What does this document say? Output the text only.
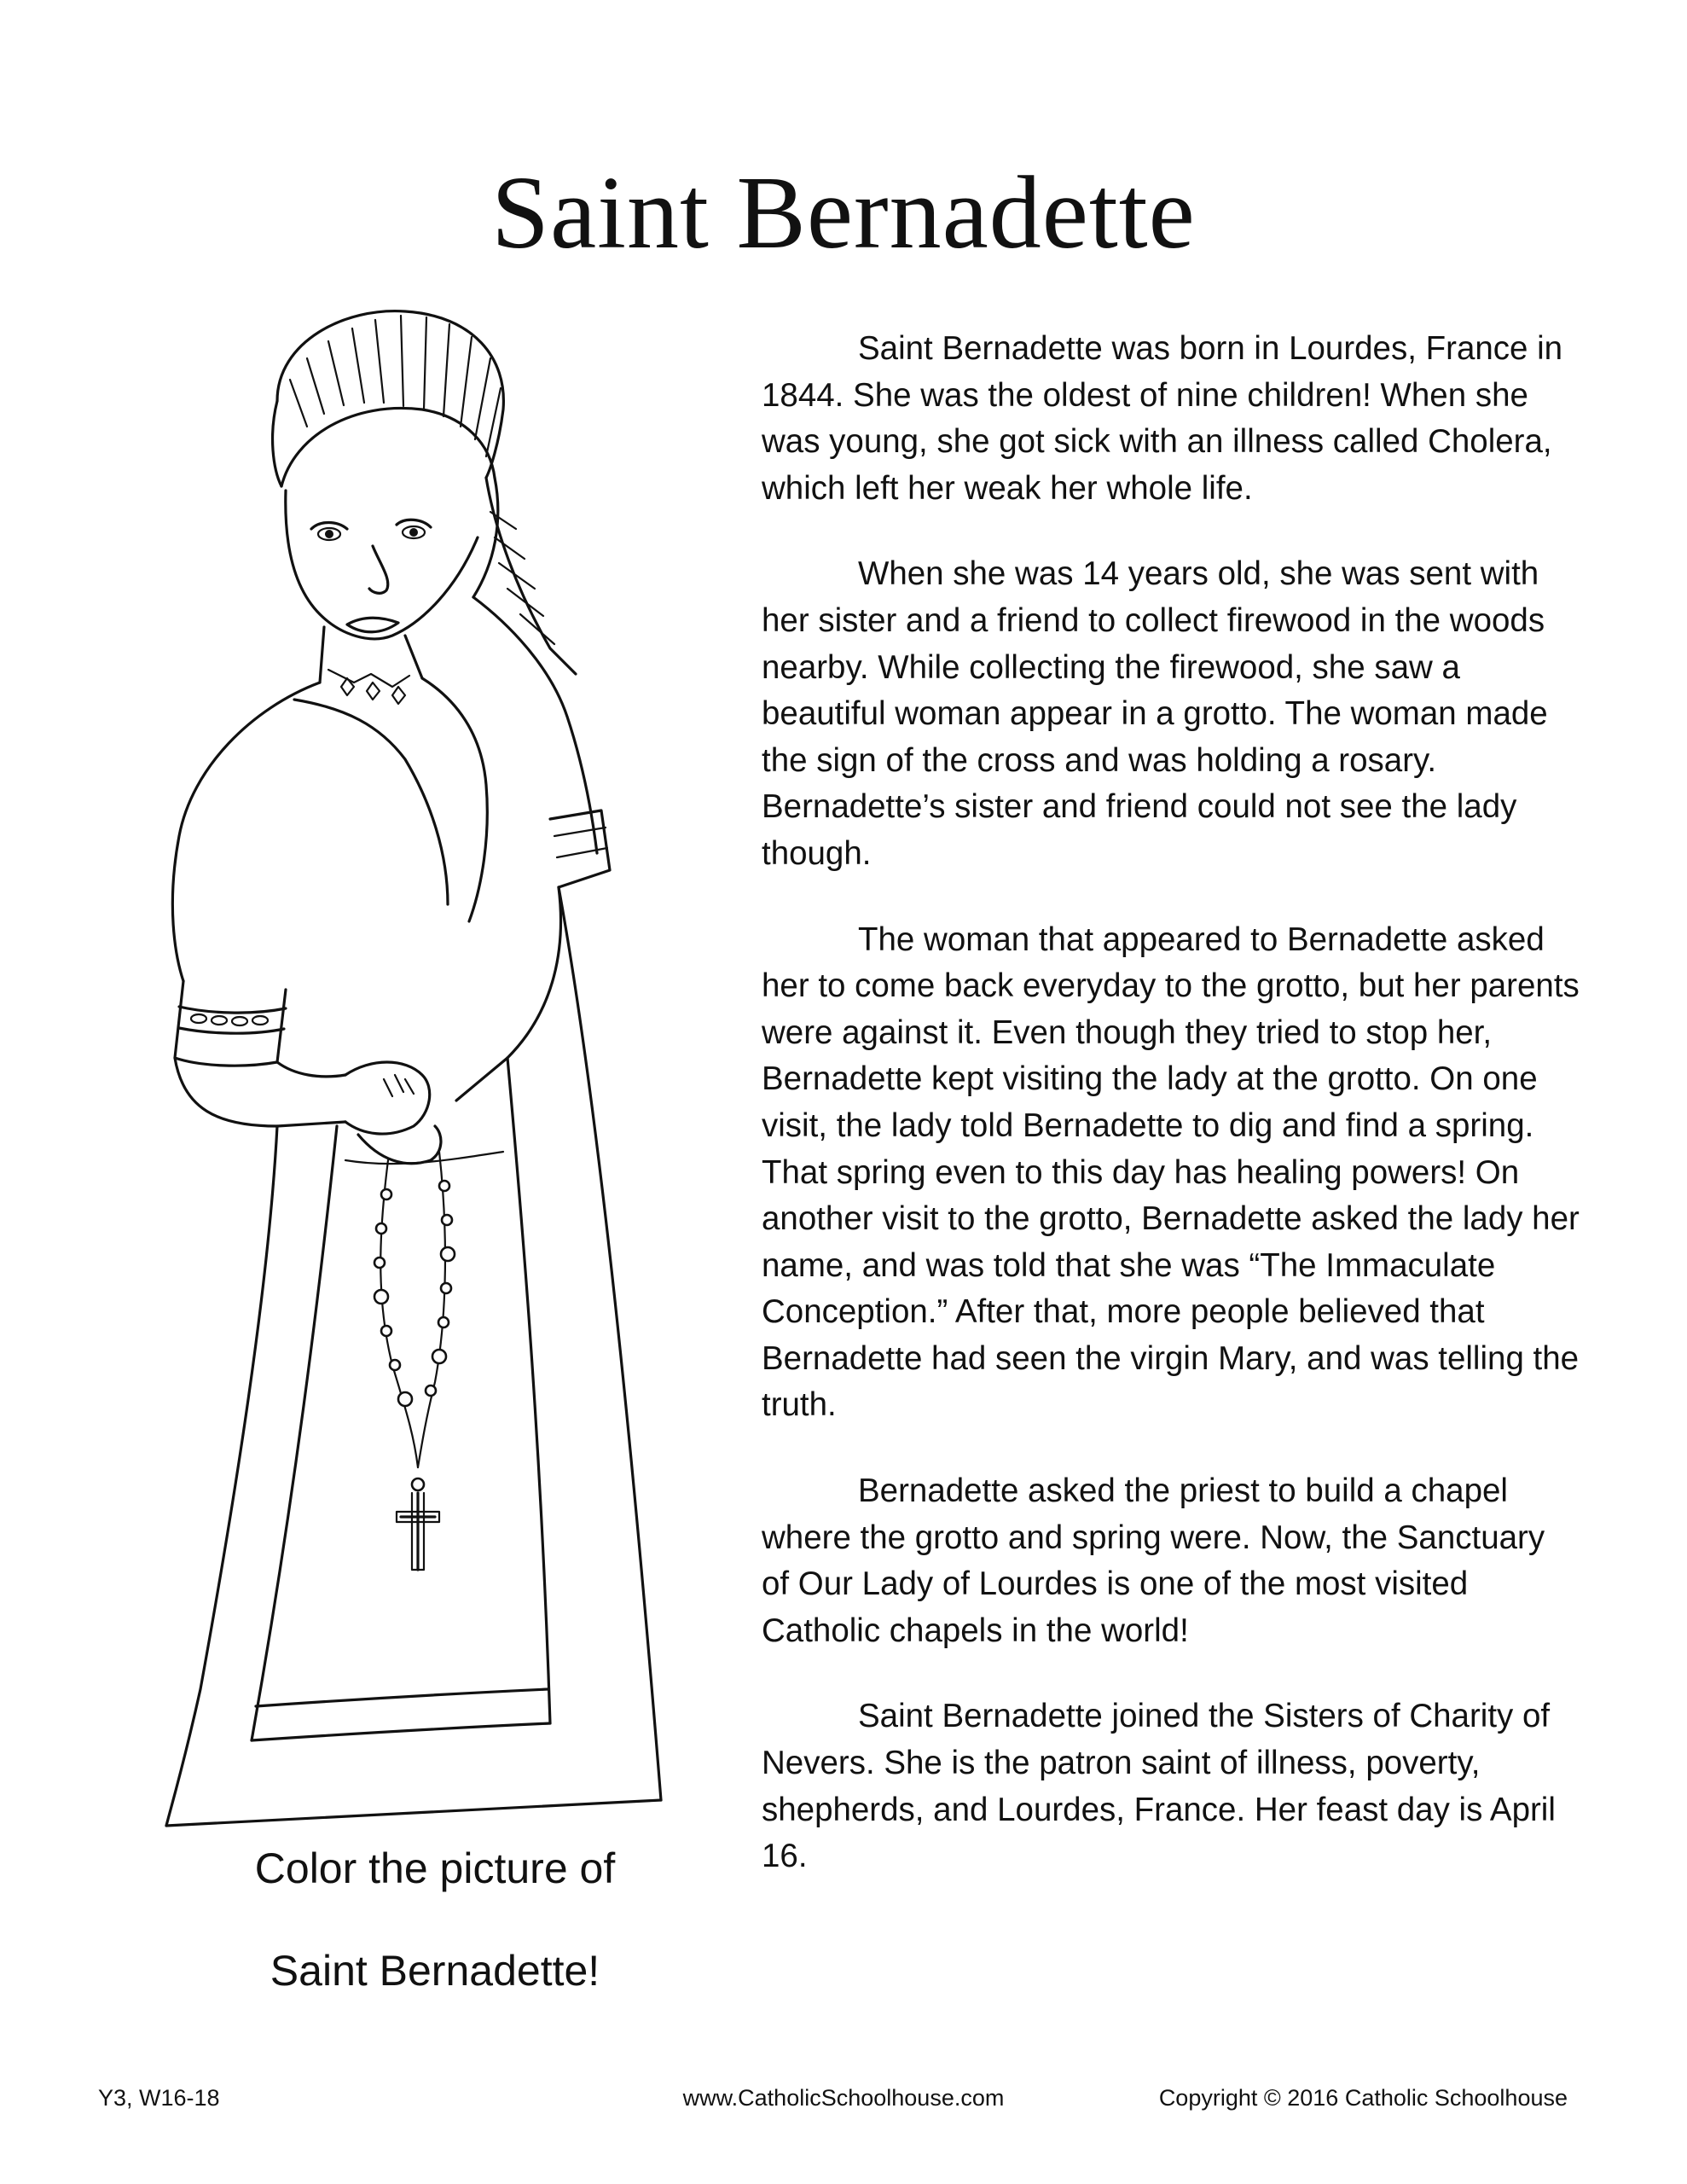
Saint Bernadette
Color the picture of
Saint Bernadette!

Saint Bernadette was born in Lourdes, France in 1844. She was the oldest of nine children! When she was young, she got sick with an illness called Cholera, which left her weak her whole life.

When she was 14 years old, she was sent with her sister and a friend to collect firewood in the woods nearby. While collecting the firewood, she saw a beautiful woman appear in a grotto. The woman made the sign of the cross and was holding a rosary. Bernadette’s sister and friend could not see the lady though.

The woman that appeared to Bernadette asked her to come back everyday to the grotto, but her parents were against it. Even though they tried to stop her, Bernadette kept visiting the lady at the grotto. On one visit, the lady told Bernadette to dig and find a spring. That spring even to this day has healing powers! On another visit to the grotto, Bernadette asked the lady her name, and was told that she was “The Immaculate Conception.” After that, more people believed that Bernadette had seen the virgin Mary, and was telling the truth.

Bernadette asked the priest to build a chapel where the grotto and spring were. Now, the Sanctuary of Our Lady of Lourdes is one of the most visited Catholic chapels in the world!

Saint Bernadette joined the Sisters of Charity of Nevers. She is the patron saint of illness, poverty, shepherds, and Lourdes, France. Her feast day is April 16.

Y3, W16-18	www.CatholicSchoolhouse.com	Copyright © 2016 Catholic Schoolhouse
